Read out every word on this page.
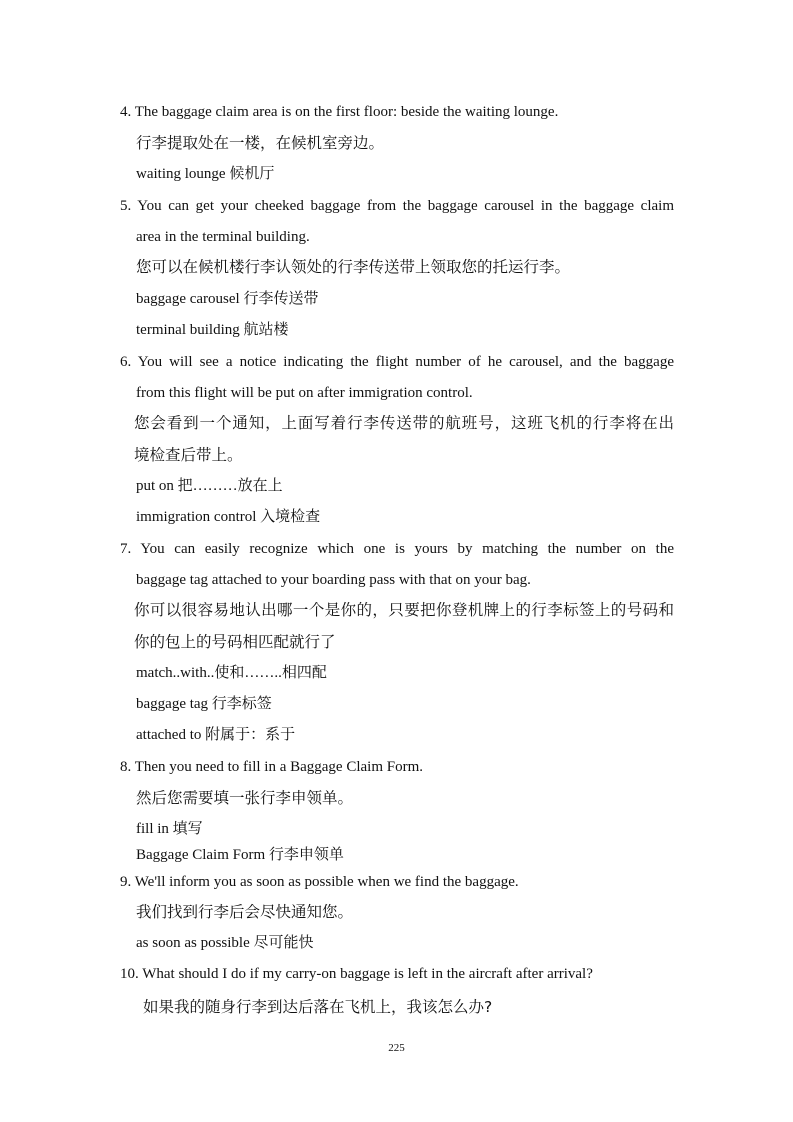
4. The baggage claim area is on the first floor: beside the waiting lounge.
行李提取处在一楼，在候机室旁边。
waiting lounge 候机厅
5. You can get your cheeked baggage from the baggage carousel in the baggage claim
area in the terminal building.
您可以在候机楼行李认领处的行李传送带上领取您的托运行李。
baggage carousel 行李传送带
terminal building 航站楼
6. You will see a notice indicating the flight number of he carousel, and the baggage
from this flight will be put on after immigration control.
您会看到一个通知，上面写着行李传送带的航班号，这班飞机的行李将在出
境检查后带上。
put on 把………放在上
immigration control 入境检查
7. You can easily recognize which one is yours by matching the number on the
baggage tag attached to your boarding pass with that on your bag.
你可以很容易地认出哪一个是你的，只要把你登机牌上的行李标签上的号码和
你的包上的号码相匹配就行了
match..with..使和……..相四配
baggage tag 行李标签
attached to 附属于：系于
8. Then you need to fill in a Baggage Claim Form.
然后您需要填一张行李申领单。
fill in 填写
Baggage Claim Form 行李申领单
9. We'll inform you as soon as possible when we find the baggage.
我们找到行李后会尽快通知您。
as soon as possible 尽可能快
10. What should I do if my carry-on baggage is left in the aircraft after arrival?
如果我的随身行李到达后落在飞机上，我该怎么办?
225
